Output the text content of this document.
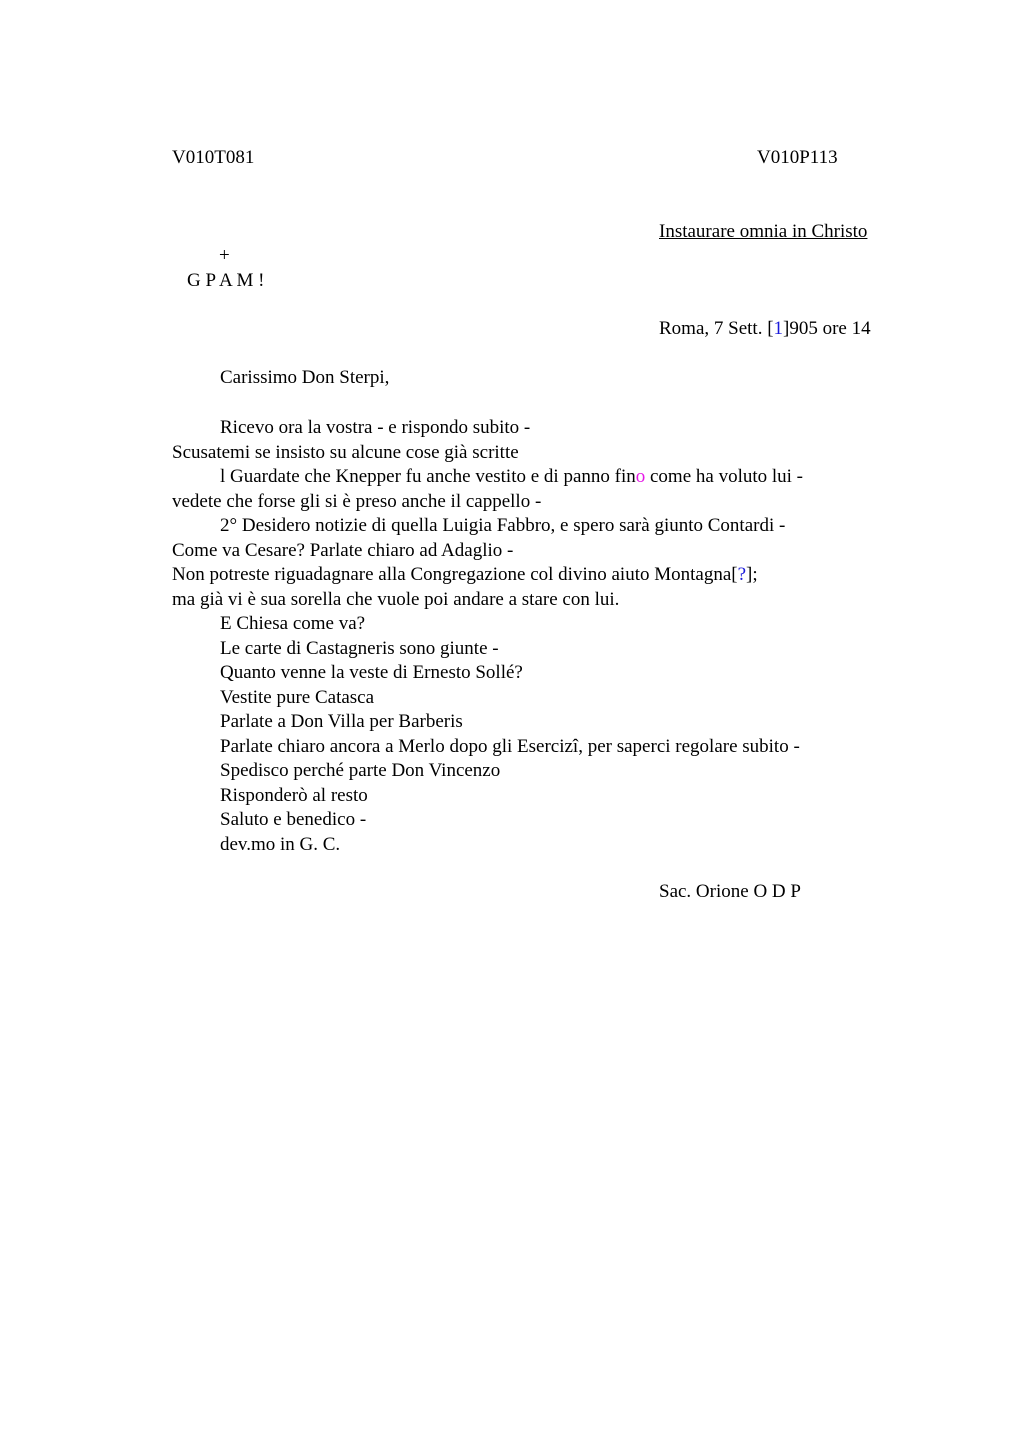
V010T081	V010P113
Instaurare omnia in Christo
+
G P A M !
Roma, 7 Sett. [1]905 ore 14
Carissimo Don Sterpi,
Ricevo ora la vostra - e rispondo subito -
Scusatemi se insisto su alcune cose già scritte
l Guardate che Knepper fu anche vestito e di panno fino come ha voluto lui -
vedete che forse gli si è preso anche il cappello -
2° Desidero notizie di quella Luigia Fabbro, e spero sarà giunto Contardi -
Come va Cesare? Parlate chiaro ad Adaglio -
Non potreste riguadagnare alla Congregazione col divino aiuto Montagna[?];
ma già vi è sua sorella che vuole poi andare a stare con lui.
E Chiesa come va?
Le carte di Castagneris sono giunte -
Quanto venne la veste di Ernesto Sollé?
Vestite pure Catasca
Parlate a Don Villa per Barberis
Parlate chiaro ancora a Merlo dopo gli Esercizi, per saperci regolare subito -
Spedisco perché parte Don Vincenzo
Risponderò al resto
Saluto e benedico -
dev.mo in G. C.
Sac. Orione O D P
